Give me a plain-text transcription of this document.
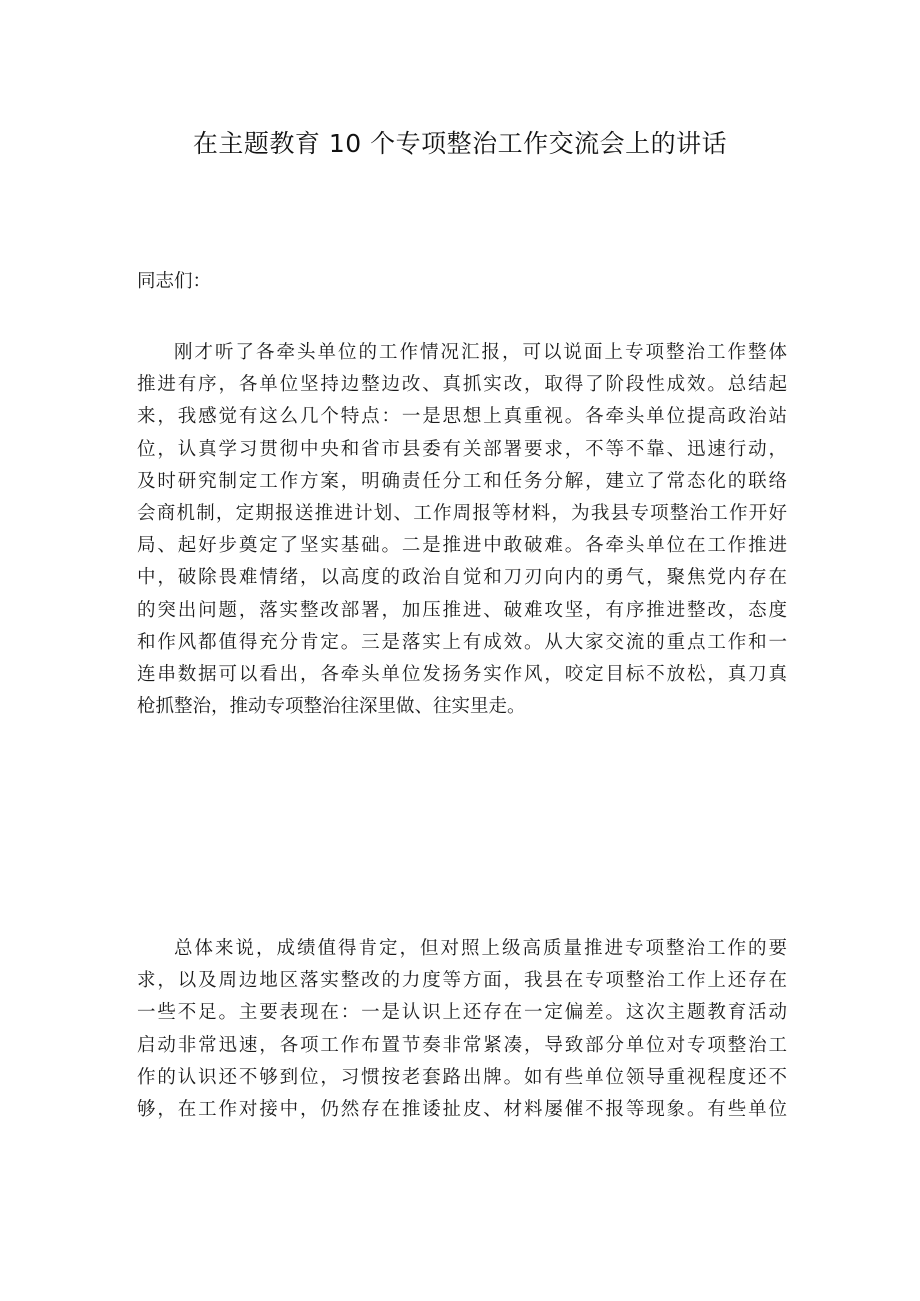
在主题教育 10 个专项整治工作交流会上的讲话
同志们：
刚才听了各牵头单位的工作情况汇报，可以说面上专项整治工作整体
推进有序，各单位坚持边整边改、真抓实改，取得了阶段性成效。总结起
来，我感觉有这么几个特点：一是思想上真重视。各牵头单位提高政治站
位，认真学习贯彻中央和省市县委有关部署要求，不等不靠、迅速行动，
及时研究制定工作方案，明确责任分工和任务分解，建立了常态化的联络
会商机制，定期报送推进计划、工作周报等材料，为我县专项整治工作开好
局、起好步奠定了坚实基础。二是推进中敢破难。各牵头单位在工作推进
中，破除畏难情绪，以高度的政治自觉和刀刃向内的勇气，聚焦党内存在
的突出问题，落实整改部署，加压推进、破难攻坚，有序推进整改，态度
和作风都值得充分肯定。三是落实上有成效。从大家交流的重点工作和一
连串数据可以看出，各牵头单位发扬务实作风，咬定目标不放松，真刀真
枪抓整治，推动专项整治往深里做、往实里走。
总体来说，成绩值得肯定，但对照上级高质量推进专项整治工作的要
求，以及周边地区落实整改的力度等方面，我县在专项整治工作上还存在
一些不足。主要表现在：一是认识上还存在一定偏差。这次主题教育活动
启动非常迅速，各项工作布置节奏非常紧凑，导致部分单位对专项整治工
作的认识还不够到位，习惯按老套路出牌。如有些单位领导重视程度还不
够，在工作对接中，仍然存在推诿扯皮、材料屡催不报等现象。有些单位
